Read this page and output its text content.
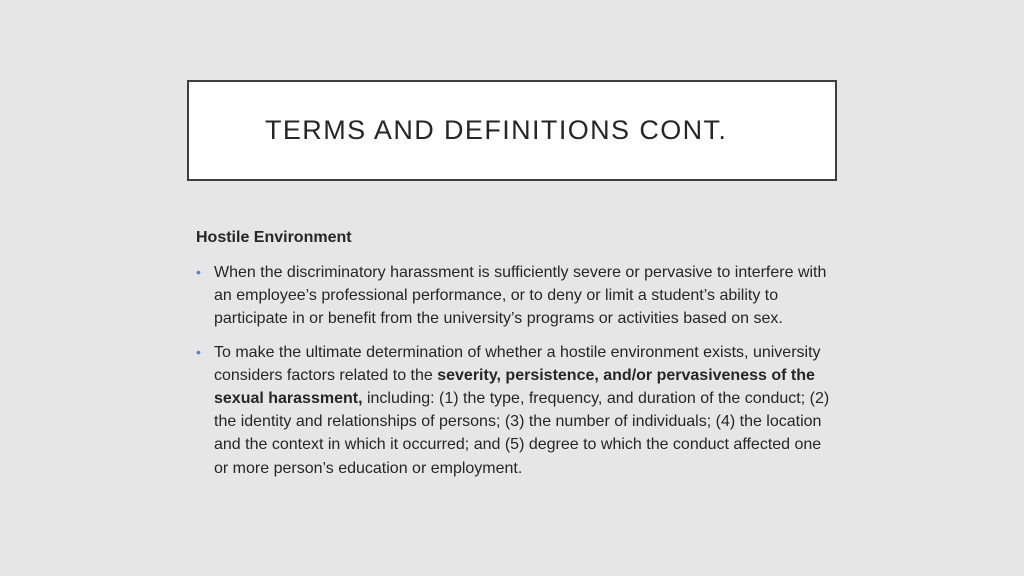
TERMS AND DEFINITIONS CONT.
Hostile Environment
• When the discriminatory harassment is sufficiently severe or pervasive to interfere with an employee’s professional performance, or to deny or limit a student’s ability to participate in or benefit from the university’s programs or activities based on sex.
• To make the ultimate determination of whether a hostile environment exists, university considers factors related to the severity, persistence, and/or pervasiveness of the sexual harassment, including: (1) the type, frequency, and duration of the conduct; (2) the identity and relationships of persons; (3) the number of individuals; (4) the location and the context in which it occurred; and (5) degree to which the conduct affected one or more person’s education or employment.
